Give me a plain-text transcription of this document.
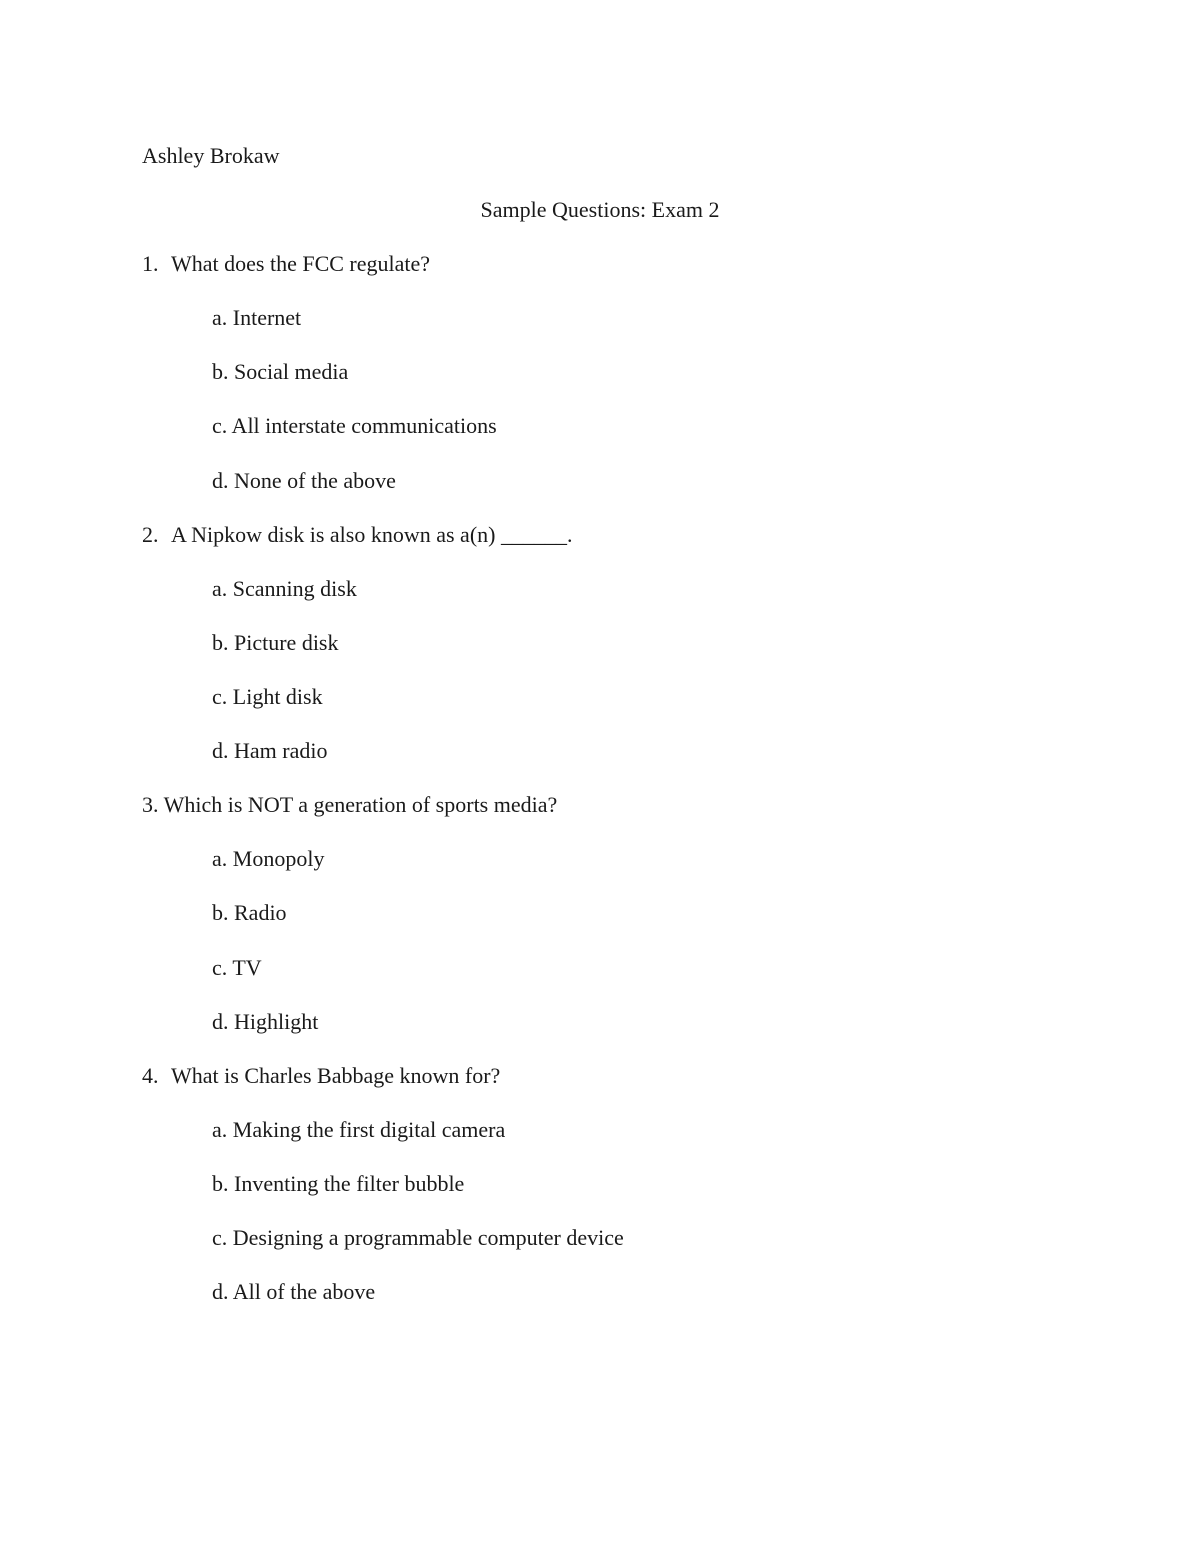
Ashley Brokaw
Sample Questions: Exam 2
1. What does the FCC regulate?
a. Internet
b. Social media
c. All interstate communications
d. None of the above
2. A Nipkow disk is also known as a(n) ______.
a. Scanning disk
b. Picture disk
c. Light disk
d. Ham radio
3. Which is NOT a generation of sports media?
a. Monopoly
b. Radio
c. TV
d. Highlight
4. What is Charles Babbage known for?
a. Making the first digital camera
b. Inventing the filter bubble
c. Designing a programmable computer device
d. All of the above
